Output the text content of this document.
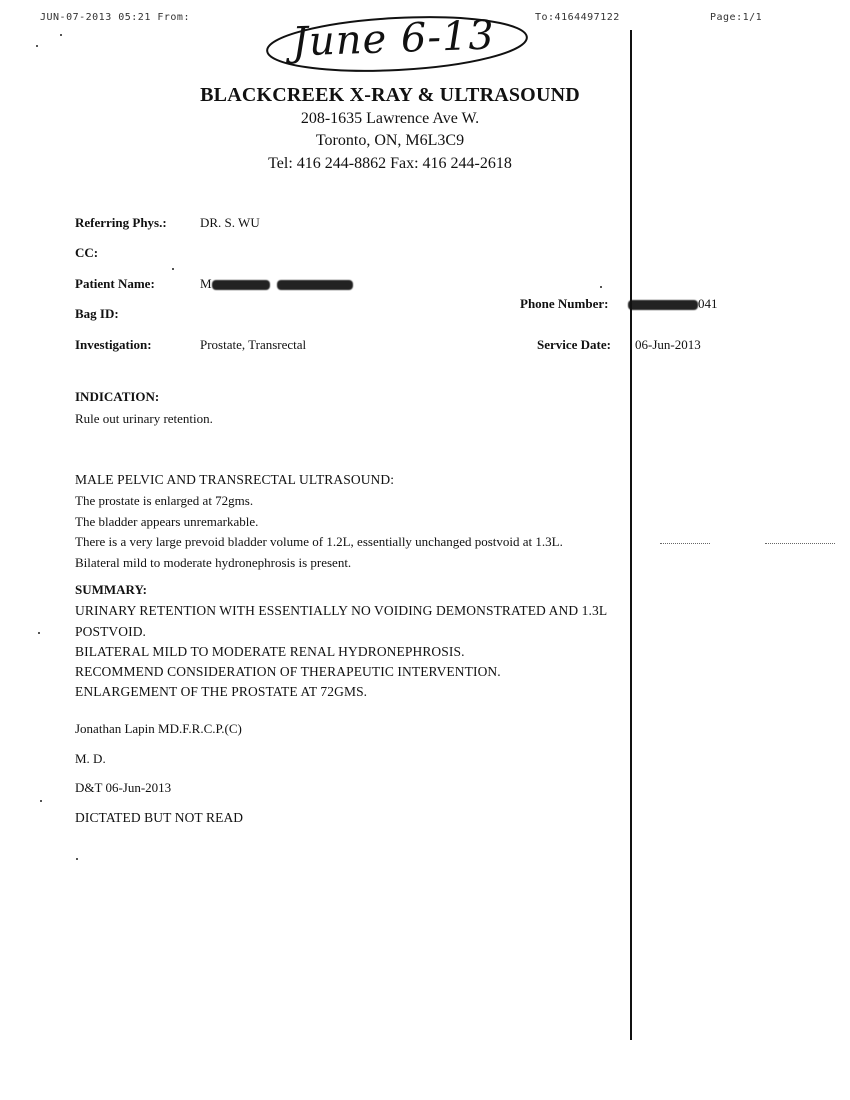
JUN-07-2013 05:21 From:	To:4164497122	Page:1/1
June 6-13
BLACKCREEK X-RAY & ULTRASOUND
208-1635 Lawrence Ave W.
Toronto, ON, M6L3C9
Tel: 416 244-8862 Fax: 416 244-2618
Referring Phys.:	DR. S. WU
CC:
Patient Name:	M
Phone Number:	041
Bag ID:
Investigation:	Prostate, Transrectal	Service Date: 06-Jun-2013
INDICATION:
Rule out urinary retention.
MALE PELVIC AND TRANSRECTAL ULTRASOUND:
The prostate is enlarged at 72gms.
The bladder appears unremarkable.
There is a very large prevoid bladder volume of 1.2L, essentially unchanged postvoid at 1.3L.
Bilateral mild to moderate hydronephrosis is present.
SUMMARY:
URINARY RETENTION WITH ESSENTIALLY NO VOIDING DEMONSTRATED AND 1.3L
POSTVOID.
BILATERAL MILD TO MODERATE RENAL HYDRONEPHROSIS.
RECOMMEND CONSIDERATION OF THERAPEUTIC INTERVENTION.
ENLARGEMENT OF THE PROSTATE AT 72GMS.
Jonathan Lapin MD.F.R.C.P.(C)
M. D.
D&T 06-Jun-2013
DICTATED BUT NOT READ
